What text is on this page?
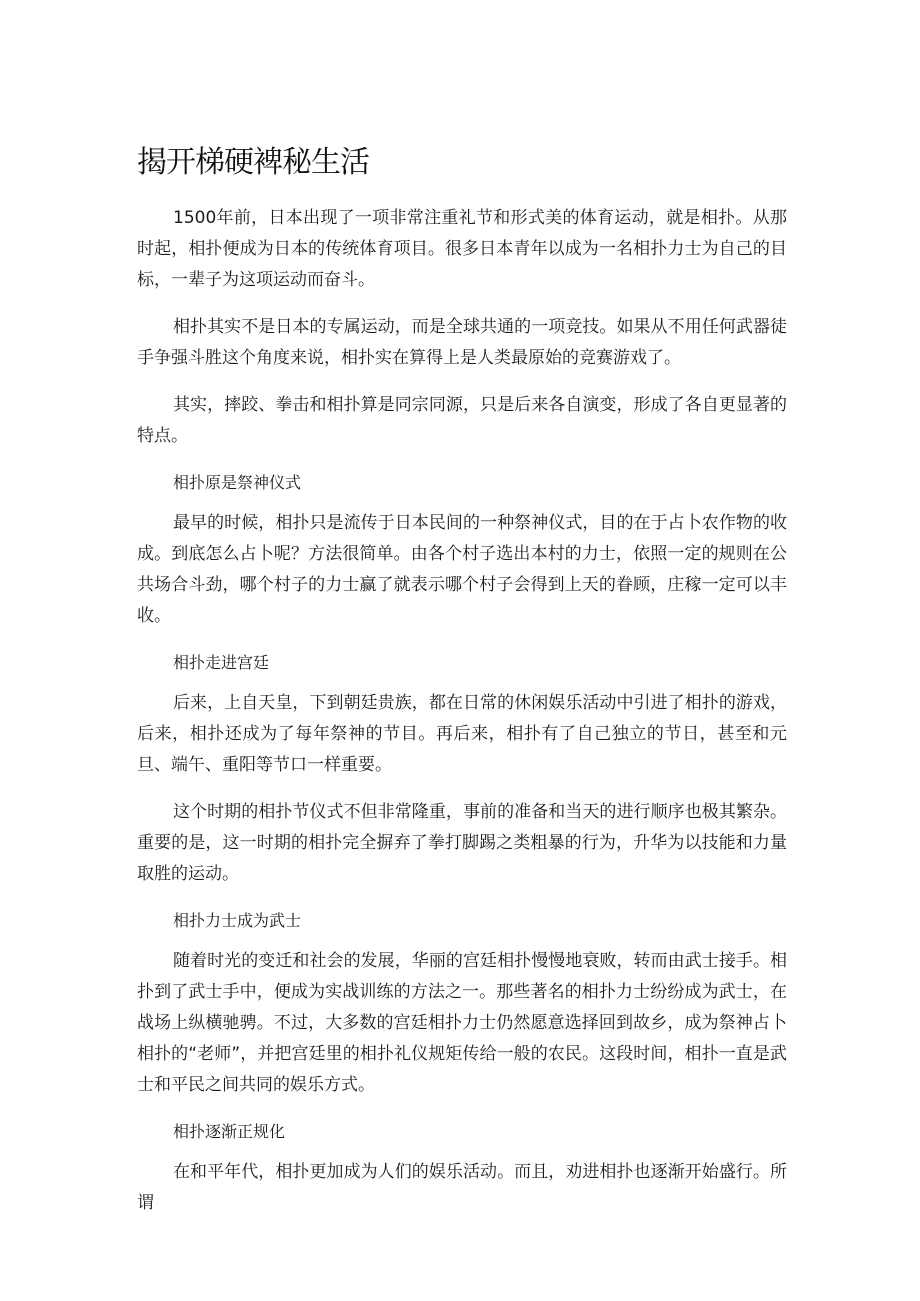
揭开梯硬裨秘生活

1500年前，日本出现了一项非常注重礼节和形式美的体育运动，就是相扑。从那时起，相扑便成为日本的传统体育项目。很多日本青年以成为一名相扑力士为自己的目标，一辈子为这项运动而奋斗。

相扑其实不是日本的专属运动，而是全球共通的一项竞技。如果从不用任何武器徒手争强斗胜这个角度来说，相扑实在算得上是人类最原始的竞赛游戏了。

其实，摔跤、拳击和相扑算是同宗同源，只是后来各自演变，形成了各自更显著的特点。

相扑原是祭神仪式

最早的时候，相扑只是流传于日本民间的一种祭神仪式，目的在于占卜农作物的收成。到底怎么占卜呢？方法很简单。由各个村子选出本村的力士，依照一定的规则在公共场合斗劲，哪个村子的力士赢了就表示哪个村子会得到上天的眷顾，庄稼一定可以丰收。

相扑走进宫廷

后来，上自天皇，下到朝廷贵族，都在日常的休闲娱乐活动中引进了相扑的游戏，后来，相扑还成为了每年祭神的节目。再后来，相扑有了自己独立的节日，甚至和元旦、端午、重阳等节口一样重要。

这个时期的相扑节仪式不但非常隆重，事前的准备和当天的进行顺序也极其繁杂。重要的是，这一时期的相扑完全摒弃了拳打脚踢之类粗暴的行为，升华为以技能和力量取胜的运动。

相扑力士成为武士

随着时光的变迁和社会的发展，华丽的宫廷相扑慢慢地衰败，转而由武士接手。相扑到了武士手中，便成为实战训练的方法之一。那些著名的相扑力士纷纷成为武士，在战场上纵横驰骋。不过，大多数的宫廷相扑力士仍然愿意选择回到故乡，成为祭神占卜相扑的“老师”，并把宫廷里的相扑礼仪规矩传给一般的农民。这段时间，相扑一直是武士和平民之间共同的娱乐方式。

相扑逐渐正规化

在和平年代，相扑更加成为人们的娱乐活动。而且，劝进相扑也逐渐开始盛行。所谓
